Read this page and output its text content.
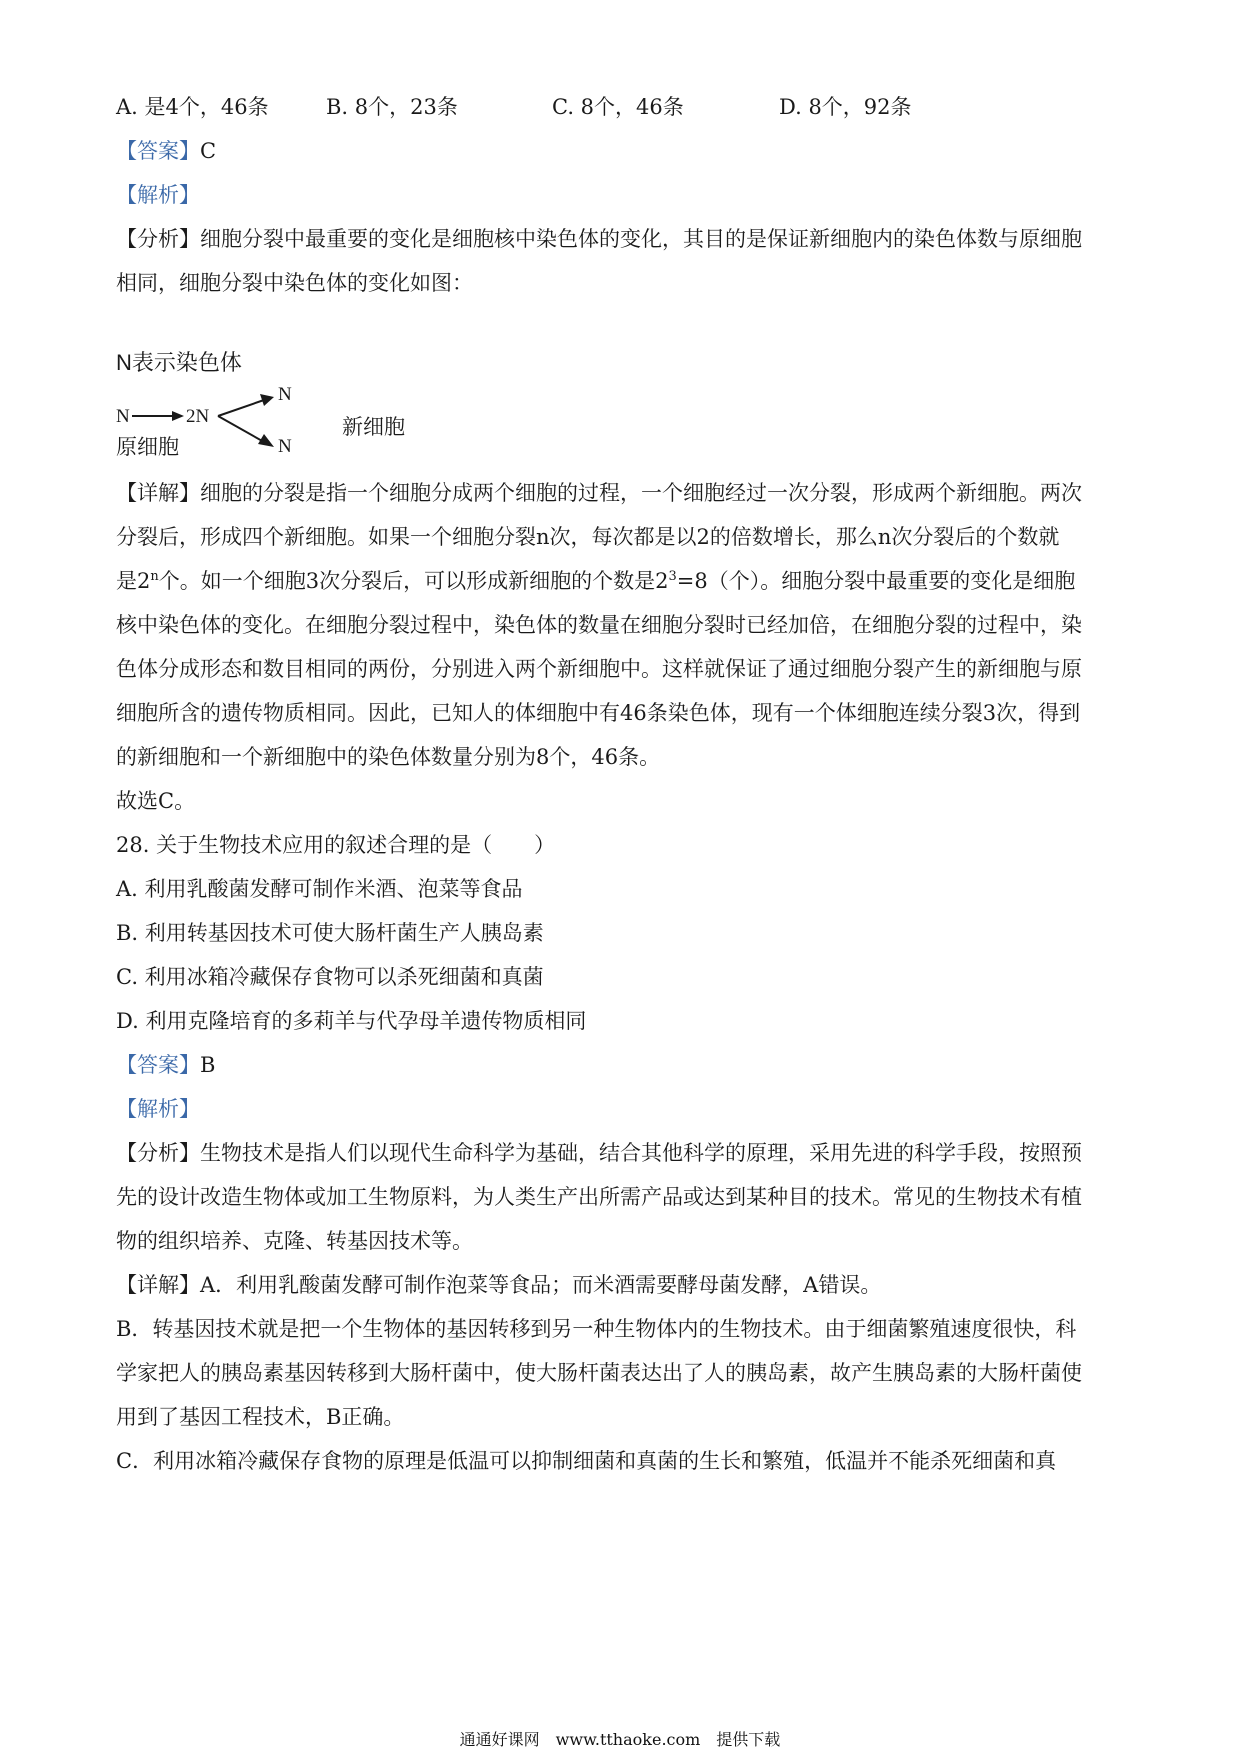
A. 是4个，46条	B. 8个，23条	C. 8个，46条	D. 8个，92条
【答案】C
【解析】
【分析】细胞分裂中最重要的变化是细胞核中染色体的变化，其目的是保证新细胞内的染色体数与原细胞
相同，细胞分裂中染色体的变化如图：
N表示染色体
N	2N
N
N
原细胞
新细胞
【详解】细胞的分裂是指一个细胞分成两个细胞的过程，一个细胞经过一次分裂，形成两个新细胞。两次
分裂后，形成四个新细胞。如果一个细胞分裂n次，每次都是以2的倍数增长，那么n次分裂后的个数就
是2$^n$个。如一个细胞3次分裂后，可以形成新细胞的个数是$2^3=8$（个）。细胞分裂中最重要的变化是细胞
核中染色体的变化。在细胞分裂过程中，染色体的数量在细胞分裂时已经加倍，在细胞分裂的过程中，染
色体分成形态和数目相同的两份，分别进入两个新细胞中。这样就保证了通过细胞分裂产生的新细胞与原
细胞所含的遗传物质相同。因此，已知人的体细胞中有46条染色体，现有一个体细胞连续分裂3次，得到
的新细胞和一个新细胞中的染色体数量分别为8个，46条。
故选C。
28. 关于生物技术应用的叙述合理的是（　　）
A. 利用乳酸菌发酵可制作米酒、泡菜等食品
B. 利用转基因技术可使大肠杆菌生产人胰岛素
C. 利用冰箱冷藏保存食物可以杀死细菌和真菌
D. 利用克隆培育的多莉羊与代孕母羊遗传物质相同
【答案】B
【解析】
【分析】生物技术是指人们以现代生命科学为基础，结合其他科学的原理，采用先进的科学手段，按照预
先的设计改造生物体或加工生物原料，为人类生产出所需产品或达到某种目的技术。常见的生物技术有植
物的组织培养、克隆、转基因技术等。
【详解】A．利用乳酸菌发酵可制作泡菜等食品；而米酒需要酵母菌发酵，A错误。
B．转基因技术就是把一个生物体的基因转移到另一种生物体内的生物技术。由于细菌繁殖速度很快，科
学家把人的胰岛素基因转移到大肠杆菌中，使大肠杆菌表达出了人的胰岛素，故产生胰岛素的大肠杆菌使
用到了基因工程技术，B正确。
C．利用冰箱冷藏保存食物的原理是低温可以抑制细菌和真菌的生长和繁殖，低温并不能杀死细菌和真
通通好课网　www.tthaoke.com　提供下载
